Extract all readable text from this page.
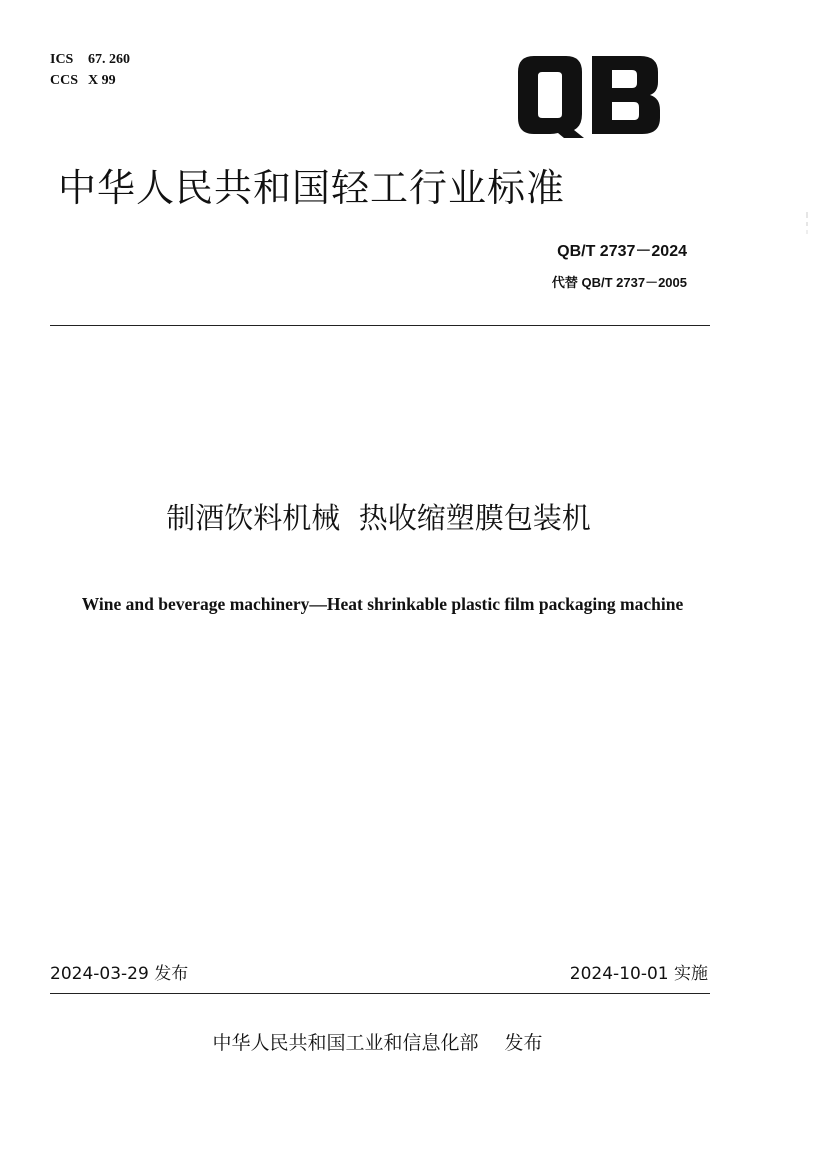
ICS 67. 260
CCS X 99
中华人民共和国轻工行业标准
QB/T 2737－2024
代替 QB/T 2737－2005
制酒饮料机械  热收缩塑膜包装机
Wine and beverage machinery—Heat shrinkable plastic film packaging machine
2024-03-29 发布	2024-10-01 实施
中华人民共和国工业和信息化部 发布
